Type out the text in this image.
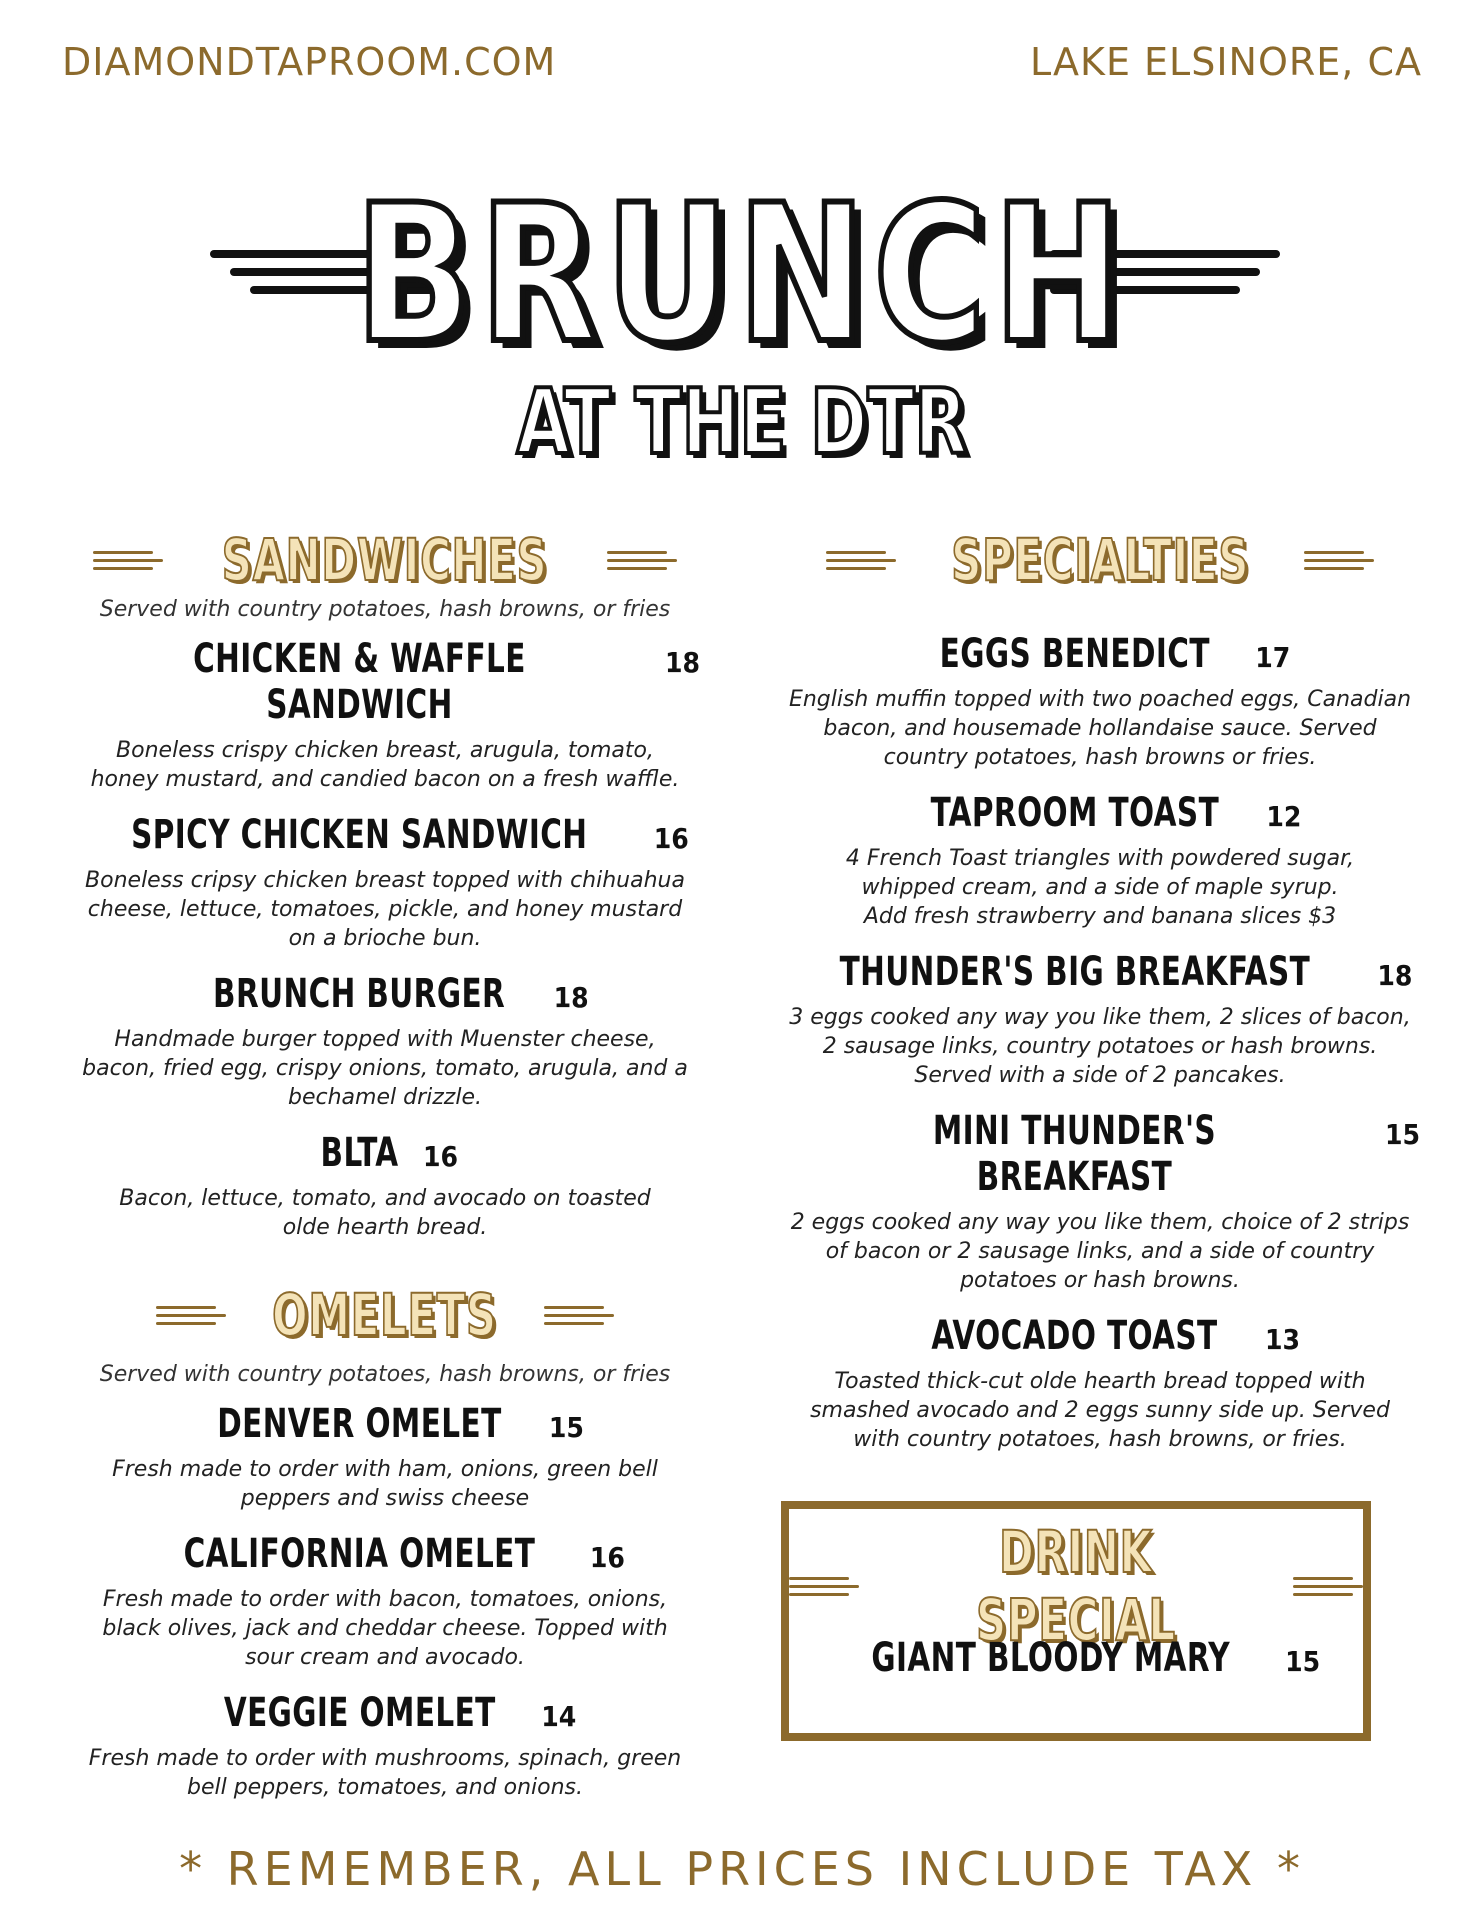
DIAMONDTAPROOM.COM	LAKE ELSINORE, CA
BRUNCH
AT THE DTR
SANDWICHES
Served with country potatoes, hash browns, or fries
CHICKEN & WAFFLE SANDWICH
18
Boneless crispy chicken breast, arugula, tomato, honey mustard, and candied bacon on a fresh waffle.
SPICY CHICKEN SANDWICH 16
Boneless cripsy chicken breast topped with chihuahua cheese, lettuce, tomatoes, pickle, and honey mustard on a brioche bun.
BRUNCH BURGER 18
Handmade burger topped with Muenster cheese, bacon, fried egg, crispy onions, tomato, arugula, and a bechamel drizzle.
BLTA 16
Bacon, lettuce, tomato, and avocado on toasted olde hearth bread.
OMELETS
Served with country potatoes, hash browns, or fries
DENVER OMELET 15
Fresh made to order with ham, onions, green bell peppers and swiss cheese
CALIFORNIA OMELET 16
Fresh made to order with bacon, tomatoes, onions, black olives, jack and cheddar cheese. Topped with sour cream and avocado.
VEGGIE OMELET 14
Fresh made to order with mushrooms, spinach, green bell peppers, tomatoes, and onions.
SPECIALTIES
EGGS BENEDICT 17
English muffin topped with two poached eggs, Canadian bacon, and housemade hollandaise sauce. Served country potatoes, hash browns or fries.
TAPROOM TOAST 12
4 French Toast triangles with powdered sugar, whipped cream, and a side of maple syrup.
Add fresh strawberry and banana slices $3
THUNDER'S BIG BREAKFAST 18
3 eggs cooked any way you like them, 2 slices of bacon, 2 sausage links, country potatoes or hash browns. Served with a side of 2 pancakes.
MINI THUNDER'S BREAKFAST
15
2 eggs cooked any way you like them, choice of 2 strips of bacon or 2 sausage links, and a side of country potatoes or hash browns.
AVOCADO TOAST 13
Toasted thick-cut olde hearth bread topped with smashed avocado and 2 eggs sunny side up. Served with country potatoes, hash browns, or fries.
DRINK SPECIAL
GIANT BLOODY MARY 15
* REMEMBER, ALL PRICES INCLUDE TAX *
